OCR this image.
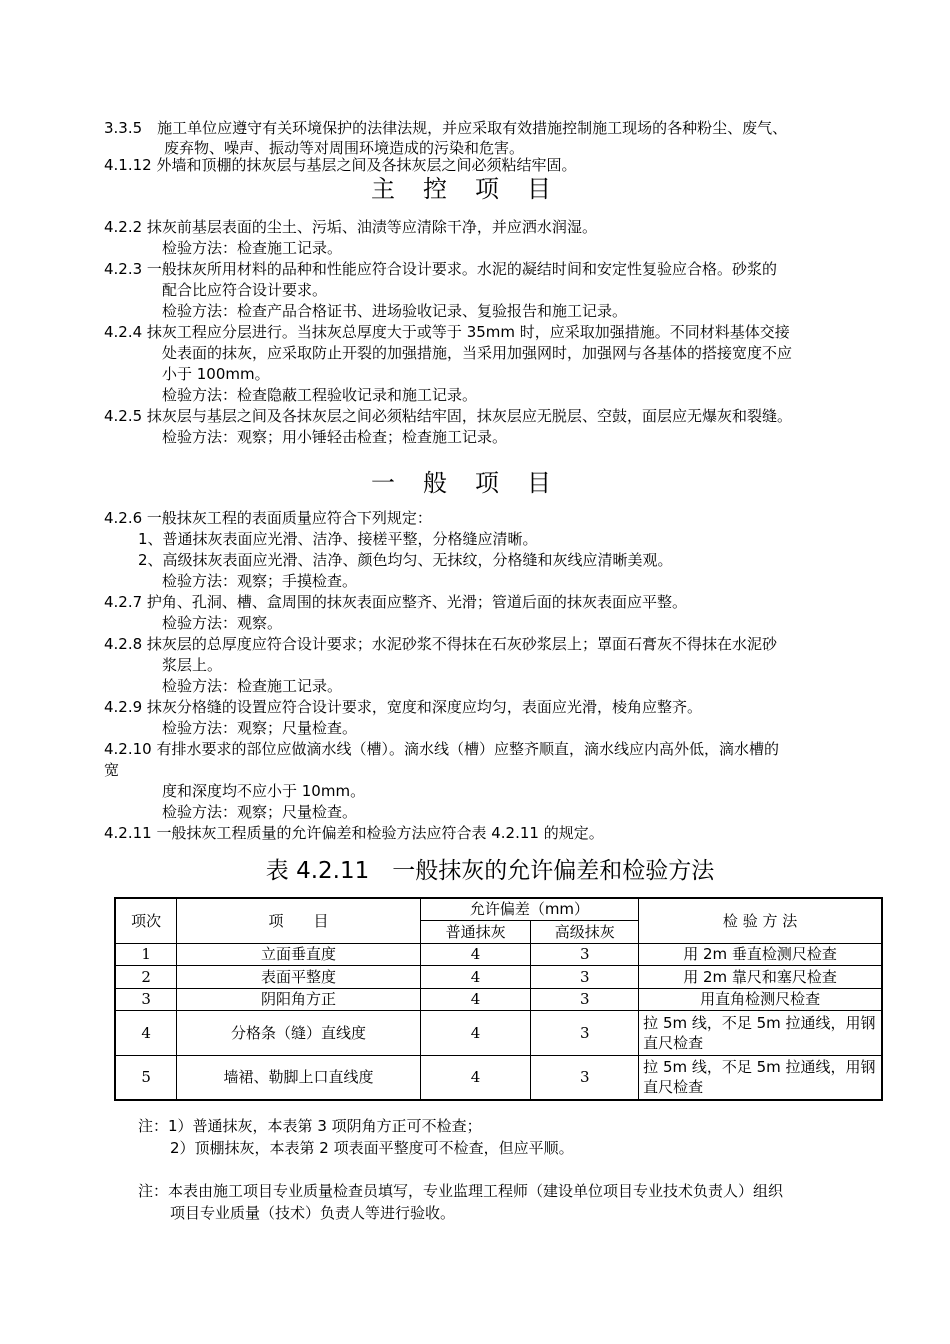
3.3.5　施工单位应遵守有关环境保护的法律法规，并应采取有效措施控制施工现场的各种粉尘、废气、
废弃物、噪声、振动等对周围环境造成的污染和危害。
4.1.12 外墙和顶棚的抹灰层与基层之间及各抹灰层之间必须粘结牢固。
主控项目
4.2.2 抹灰前基层表面的尘土、污垢、油渍等应清除干净，并应洒水润湿。
检验方法：检查施工记录。
4.2.3 一般抹灰所用材料的品种和性能应符合设计要求。水泥的凝结时间和安定性复验应合格。砂浆的
配合比应符合设计要求。
检验方法：检查产品合格证书、进场验收记录、复验报告和施工记录。
4.2.4 抹灰工程应分层进行。当抹灰总厚度大于或等于 35mm 时，应采取加强措施。不同材料基体交接
处表面的抹灰，应采取防止开裂的加强措施，当采用加强网时，加强网与各基体的搭接宽度不应
小于 100mm。
检验方法：检查隐蔽工程验收记录和施工记录。
4.2.5 抹灰层与基层之间及各抹灰层之间必须粘结牢固，抹灰层应无脱层、空鼓，面层应无爆灰和裂缝。
检验方法：观察；用小锤轻击检查；检查施工记录。
一般项目
4.2.6 一般抹灰工程的表面质量应符合下列规定：
1、普通抹灰表面应光滑、洁净、接槎平整，分格缝应清晰。
2、高级抹灰表面应光滑、洁净、颜色均匀、无抹纹，分格缝和灰线应清晰美观。
检验方法：观察；手摸检查。
4.2.7 护角、孔洞、槽、盒周围的抹灰表面应整齐、光滑；管道后面的抹灰表面应平整。
检验方法：观察。
4.2.8 抹灰层的总厚度应符合设计要求；水泥砂浆不得抹在石灰砂浆层上；罩面石膏灰不得抹在水泥砂
浆层上。
检验方法：检查施工记录。
4.2.9 抹灰分格缝的设置应符合设计要求，宽度和深度应均匀，表面应光滑，棱角应整齐。
检验方法：观察；尺量检查。
4.2.10 有排水要求的部位应做滴水线（槽）。滴水线（槽）应整齐顺直，滴水线应内高外低，滴水槽的
宽
度和深度均不应小于 10mm。
检验方法：观察；尺量检查。
4.2.11 一般抹灰工程质量的允许偏差和检验方法应符合表 4.2.11 的规定。
表 4.2.11　一般抹灰的允许偏差和检验方法
项次	项　　目	允许偏差（mm）		检 验 方 法
		普通抹灰	高级抹灰	
1	立面垂直度	4	3	用 2m 垂直检测尺检查
2	表面平整度	4	3	用 2m 靠尺和塞尺检查
3	阴阳角方正	4	3	用直角检测尺检查
4	分格条（缝）直线度	4	3	拉 5m 线，不足 5m 拉通线，用钢直尺检查
5	墙裙、勒脚上口直线度	4	3	拉 5m 线，不足 5m 拉通线，用钢直尺检查
注：1）普通抹灰，本表第 3 项阴角方正可不检查；
2）顶棚抹灰，本表第 2 项表面平整度可不检查，但应平顺。
注：本表由施工项目专业质量检查员填写，专业监理工程师（建设单位项目专业技术负责人）组织
项目专业质量（技术）负责人等进行验收。
